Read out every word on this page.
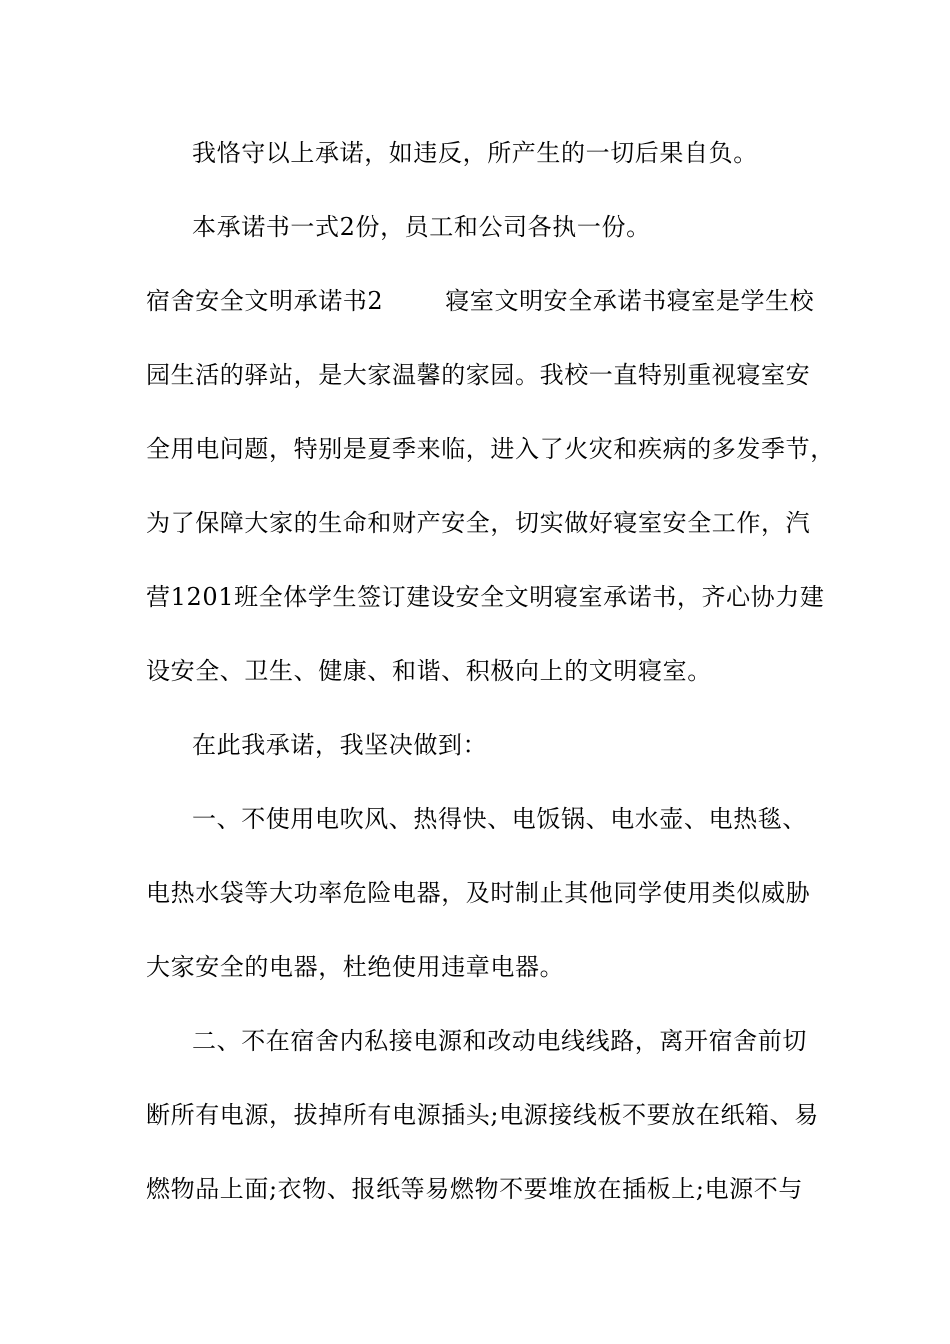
我恪守以上承诺，如违反，所产生的一切后果自负。
本承诺书一式2份，员工和公司各执一份。
宿舍安全文明承诺书2	寝室文明安全承诺书寝室是学生校
园生活的驿站，是大家温馨的家园。我校一直特别重视寝室安
全用电问题，特别是夏季来临，进入了火灾和疾病的多发季节，
为了保障大家的生命和财产安全，切实做好寝室安全工作，汽
营1201班全体学生签订建设安全文明寝室承诺书，齐心协力建
设安全、卫生、健康、和谐、积极向上的文明寝室。
在此我承诺，我坚决做到：
一、不使用电吹风、热得快、电饭锅、电水壶、电热毯、
电热水袋等大功率危险电器，及时制止其他同学使用类似威胁
大家安全的电器，杜绝使用违章电器。
二、不在宿舍内私接电源和改动电线线路，离开宿舍前切
断所有电源，拔掉所有电源插头;电源接线板不要放在纸箱、易
燃物品上面;衣物、报纸等易燃物不要堆放在插板上;电源不与
